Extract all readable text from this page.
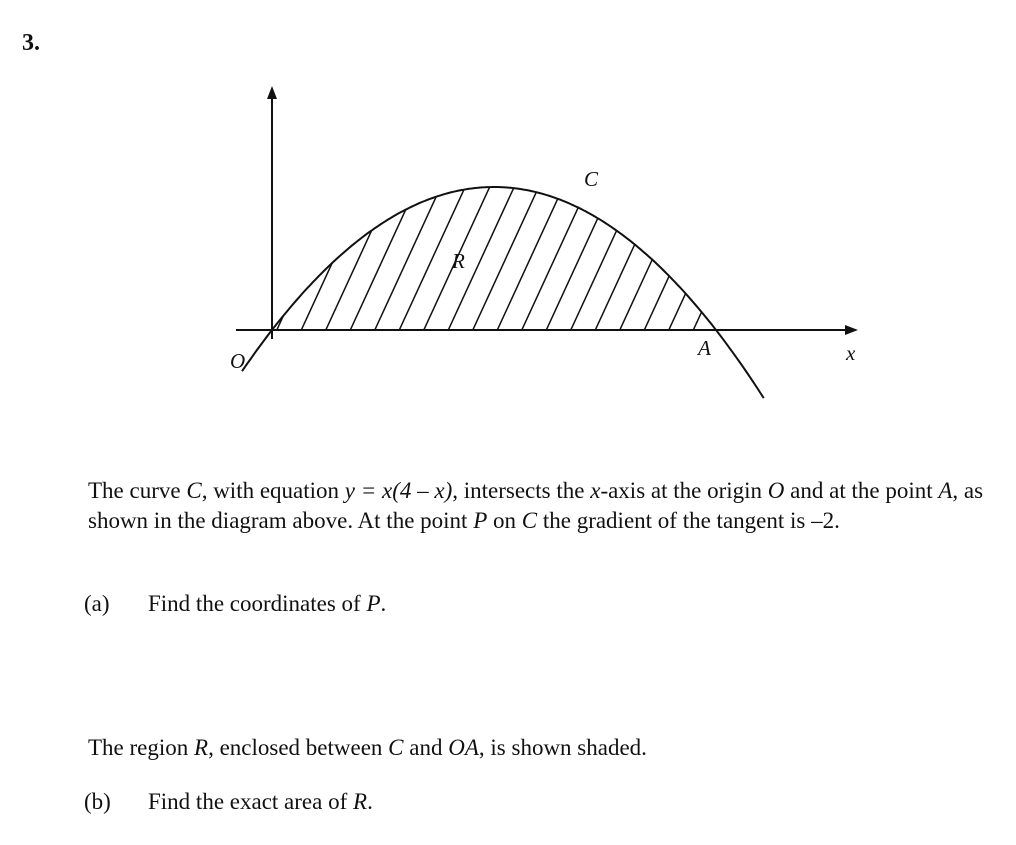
3.
C
R
O
A	x
The curve C, with equation y = x(4 – x), intersects the x-axis at the origin O and at the point A, as shown in the diagram above. At the point P on C the gradient of the tangent is –2.
(a) Find the coordinates of P.
The region R, enclosed between C and OA, is shown shaded.
(b) Find the exact area of R.
